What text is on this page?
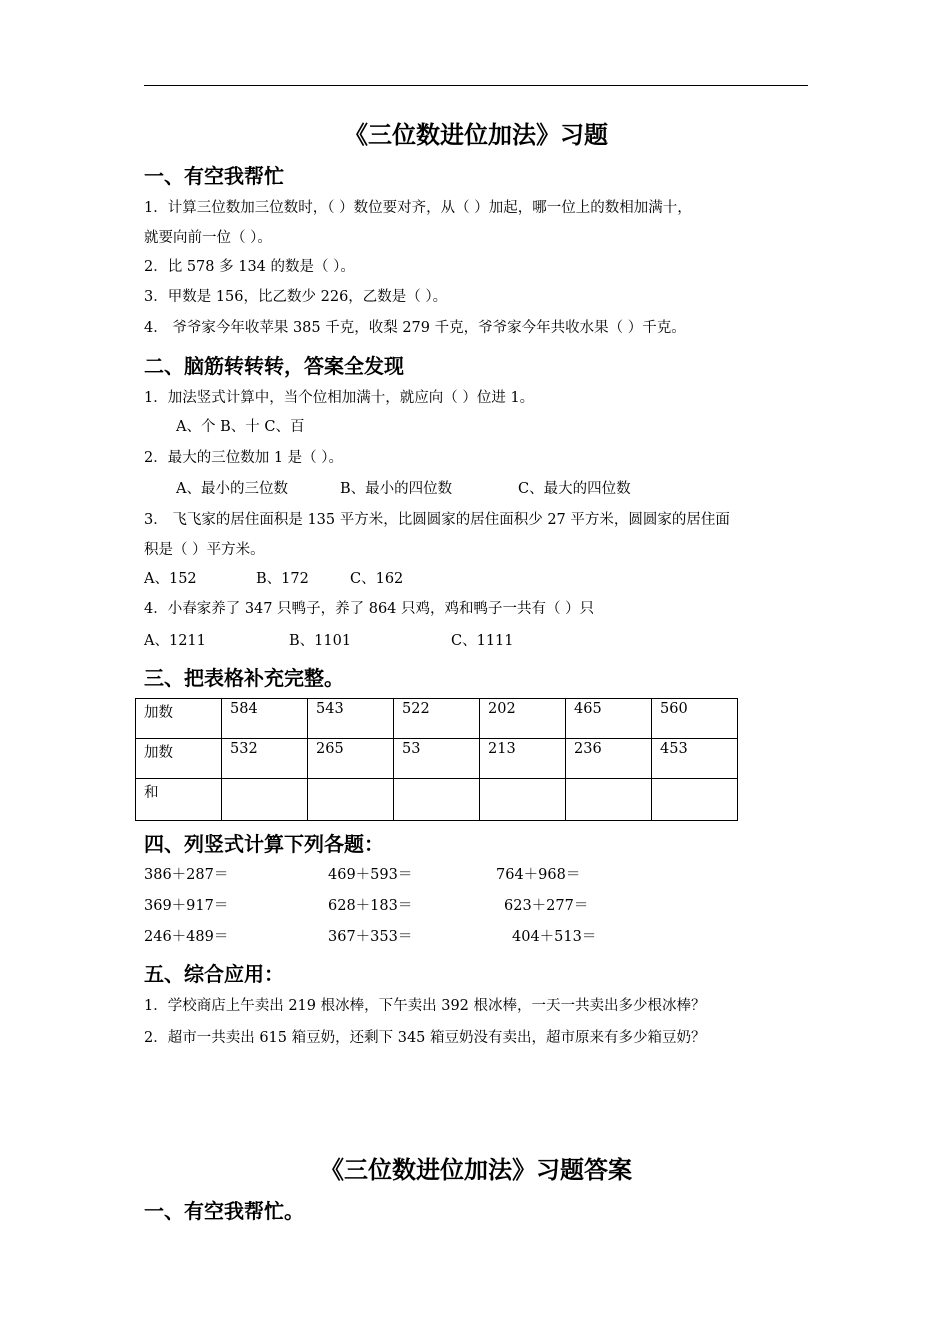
《三位数进位加法》习题
一、有空我帮忙
1．计算三位数加三位数时，（ ）数位要对齐，从（ ）加起，哪一位上的数相加满十，
就要向前一位（ ）。
2．比 578 多 134 的数是（ ）。
3．甲数是 156，比乙数少 226，乙数是（ ）。
4． 爷爷家今年收苹果 385 千克，收梨 279 千克，爷爷家今年共收水果（ ）千克。
二、脑筋转转转，答案全发现
1．加法竖式计算中，当个位相加满十，就应向（ ）位进 1。
A、个 B、十 C、百
2．最大的三位数加 1 是（ ）。
A、最小的三位数	B、最小的四位数	C、最大的四位数
3． 飞飞家的居住面积是 135 平方米，比圆圆家的居住面积少 27 平方米，圆圆家的居住面
积是（ ）平方米。
A、152	B、172	C、162
4．小春家养了 347 只鸭子，养了 864 只鸡，鸡和鸭子一共有（ ）只
A、1211	B、1101	C、1111
三、把表格补充完整。
加数	584	543	522	202	465	560
加数	532	265	53	213	236	453
和						
四、列竖式计算下列各题：
386＋287＝	469＋593＝	764＋968＝
369＋917＝	628＋183＝	623＋277＝
246＋489＝	367＋353＝	404＋513＝
五、综合应用：
1．学校商店上午卖出 219 根冰棒，下午卖出 392 根冰棒，一天一共卖出多少根冰棒？
2．超市一共卖出 615 箱豆奶，还剩下 345 箱豆奶没有卖出，超市原来有多少箱豆奶？
《三位数进位加法》习题答案
一、有空我帮忙。
